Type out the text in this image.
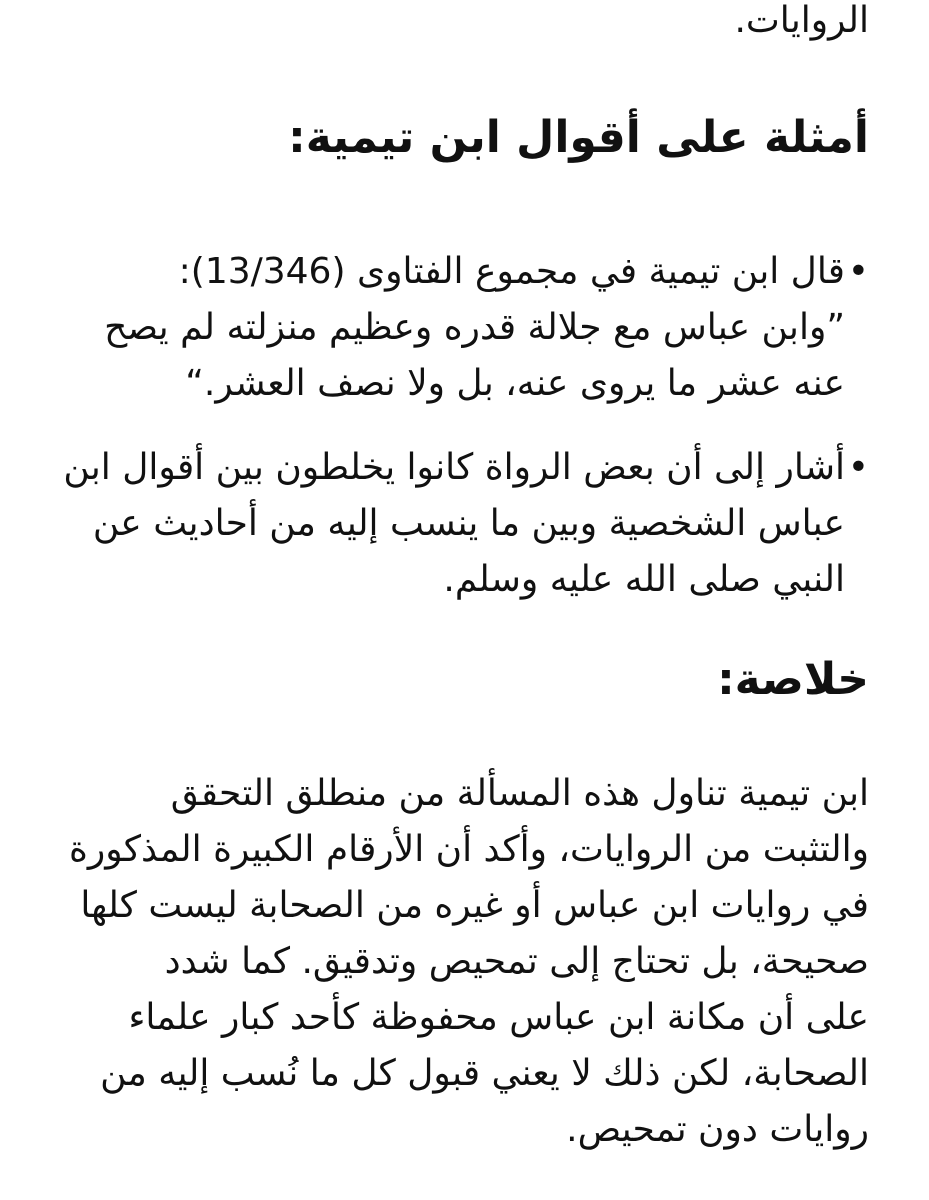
الروايات.

أمثلة على أقوال ابن تيمية:
•
قال ابن تيمية في مجموع الفتاوى (13/346):
”وابن عباس مع جلالة قدره وعظيم منزلته لم يصح
عنه عشر ما يروى عنه، بل ولا نصف العشر.“
•
أشار إلى أن بعض الرواة كانوا يخلطون بين أقوال ابن
عباس الشخصية وبين ما ينسب إليه من أحاديث عن
النبي صلى الله عليه وسلم.
خلاصة:
ابن تيمية تناول هذه المسألة من منطلق التحقق
والتثبت من الروايات، وأكد أن الأرقام الكبيرة المذكورة
في روايات ابن عباس أو غيره من الصحابة ليست كلها
صحيحة، بل تحتاج إلى تمحيص وتدقيق. كما شدد
على أن مكانة ابن عباس محفوظة كأحد كبار علماء
الصحابة، لكن ذلك لا يعني قبول كل ما نُسب إليه من
روايات دون تمحيص.
